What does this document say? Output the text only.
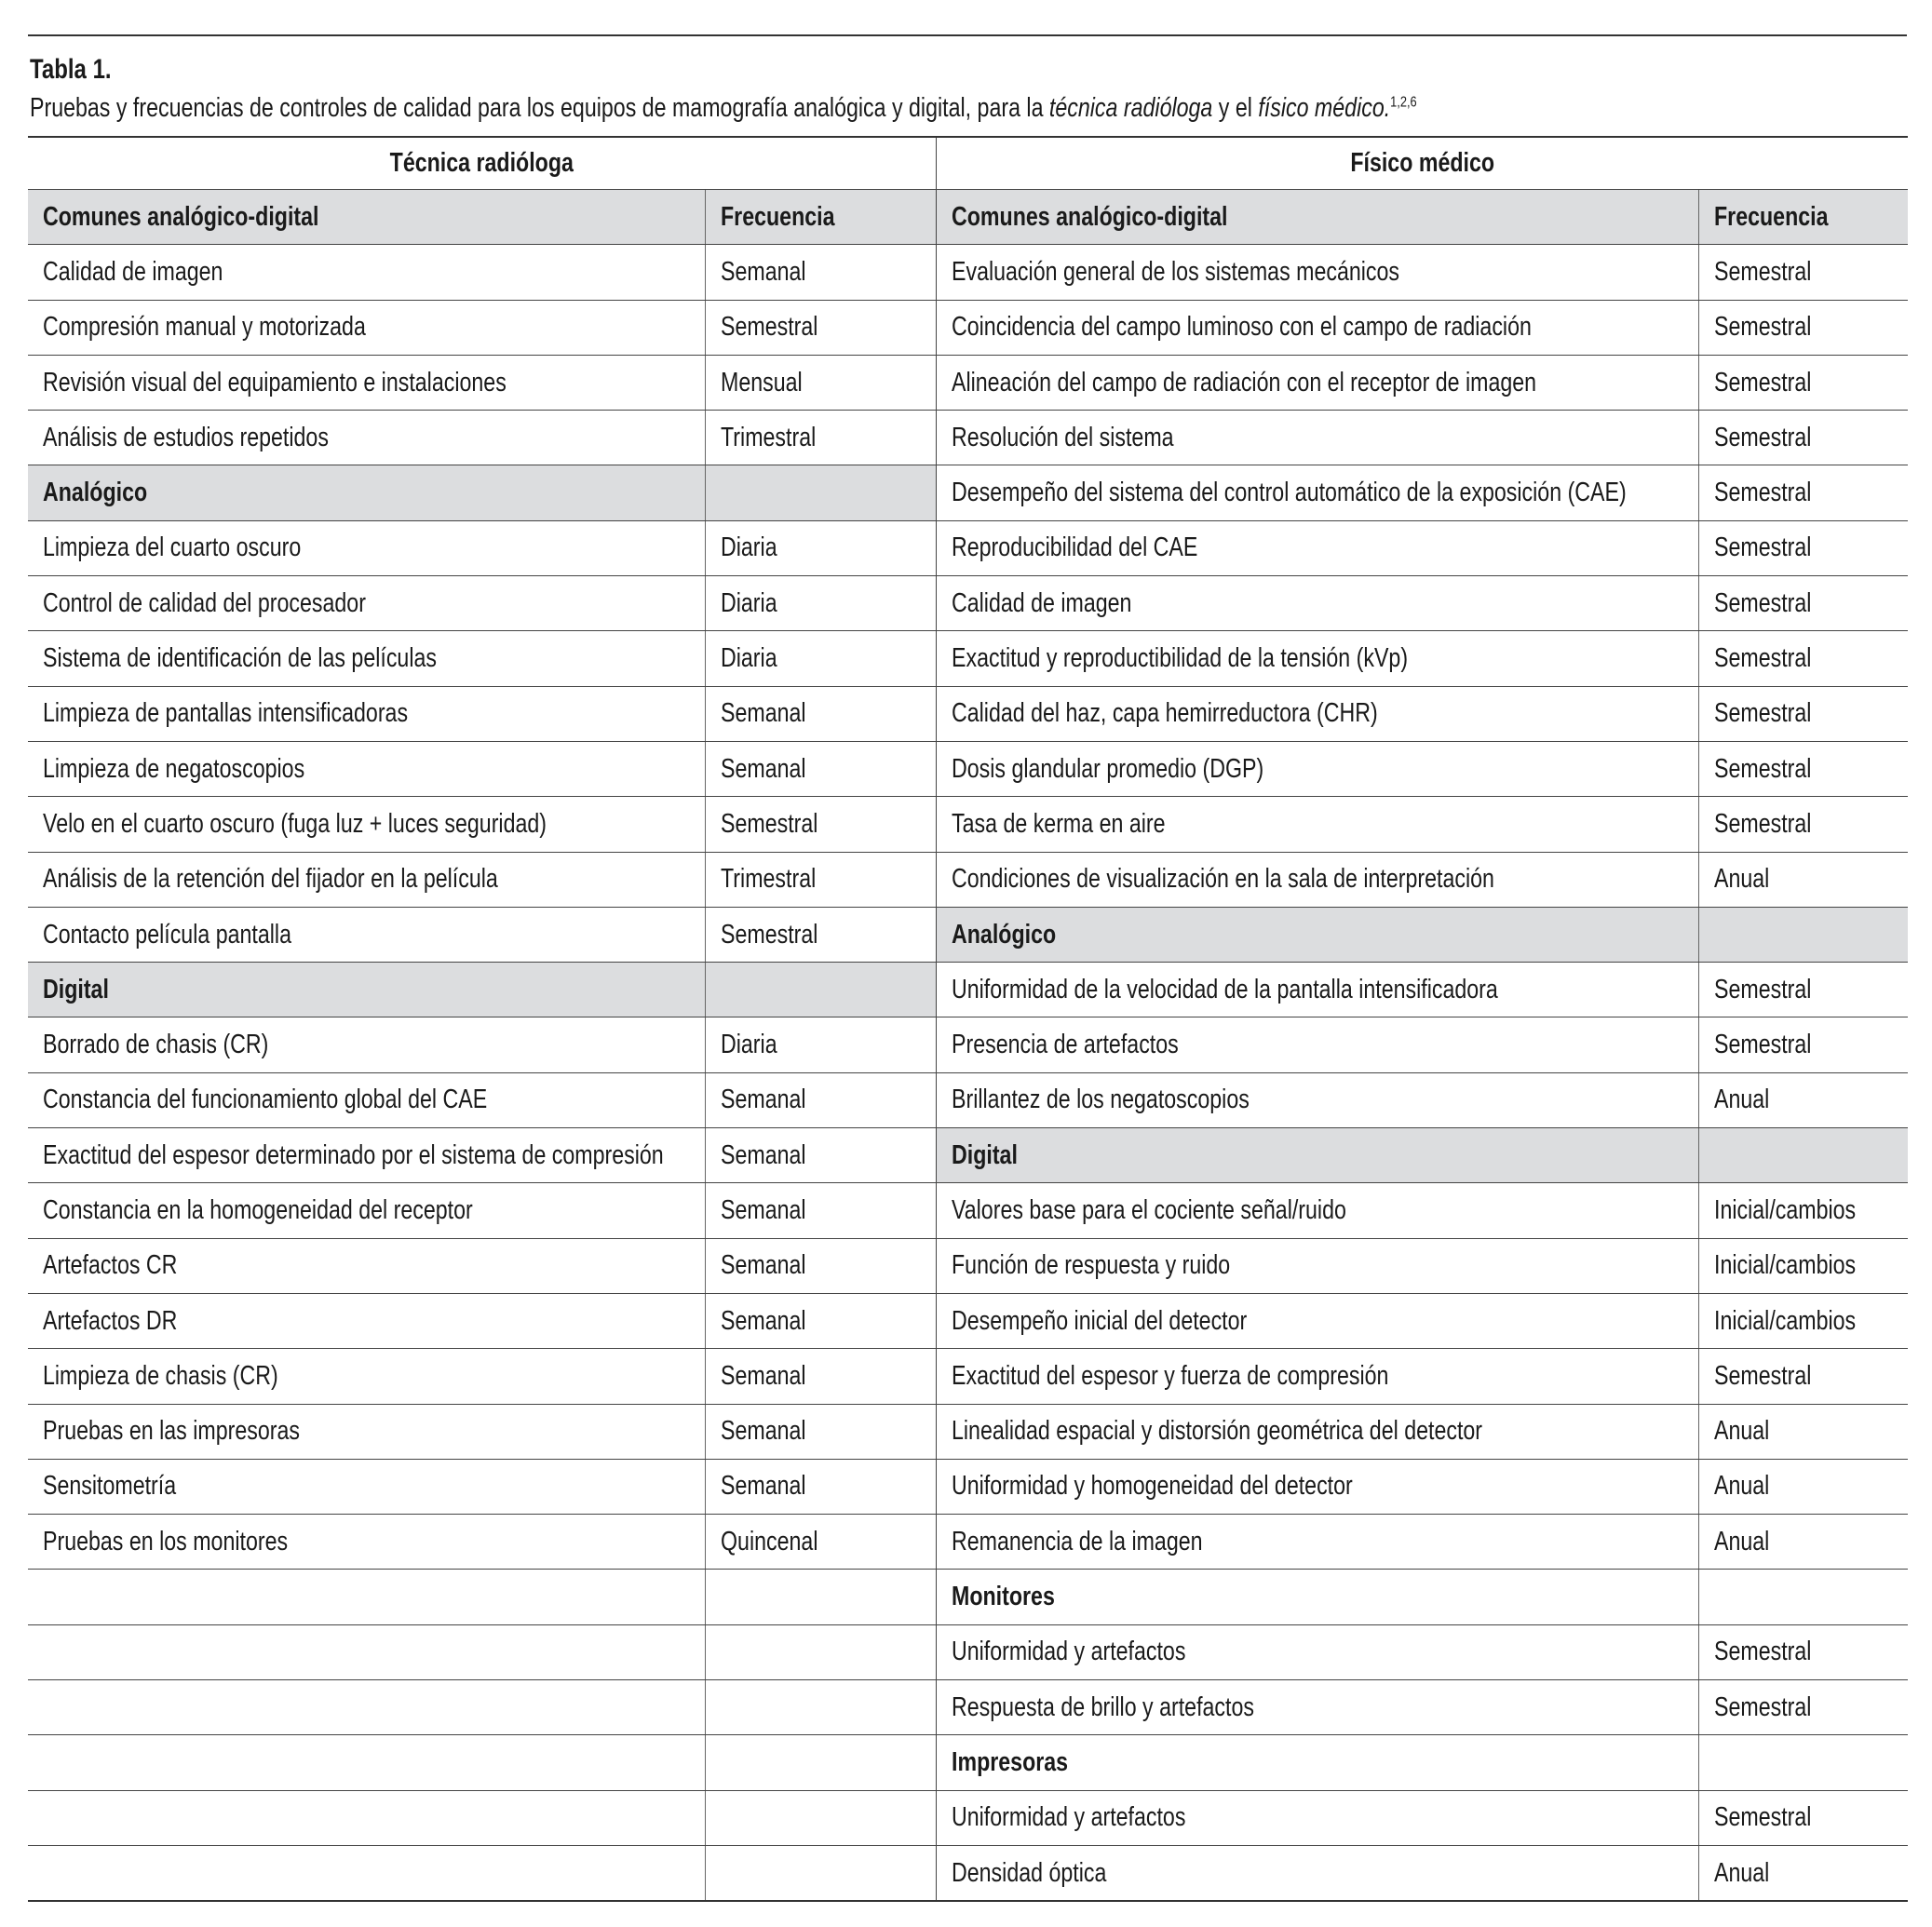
Tabla 1.
Pruebas y frecuencias de controles de calidad para los equipos de mamografía analógica y digital, para la técnica radióloga y el físico médico.$^{1,2,6}$
Técnica radióloga		Físico médico	
Comunes analógico-digital	Frecuencia	Comunes analógico-digital	Frecuencia
Calidad de imagen	Semanal	Evaluación general de los sistemas mecánicos	Semestral
Compresión manual y motorizada	Semestral	Coincidencia del campo luminoso con el campo de radiación	Semestral
Revisión visual del equipamiento e instalaciones	Mensual	Alineación del campo de radiación con el receptor de imagen	Semestral
Análisis de estudios repetidos	Trimestral	Resolución del sistema	Semestral
Analógico		Desempeño del sistema del control automático de la exposición (CAE)	Semestral
Limpieza del cuarto oscuro	Diaria	Reproducibilidad del CAE	Semestral
Control de calidad del procesador	Diaria	Calidad de imagen	Semestral
Sistema de identificación de las películas	Diaria	Exactitud y reproductibilidad de la tensión (kVp)	Semestral
Limpieza de pantallas intensificadoras	Semanal	Calidad del haz, capa hemirreductora (CHR)	Semestral
Limpieza de negatoscopios	Semanal	Dosis glandular promedio (DGP)	Semestral
Velo en el cuarto oscuro (fuga luz + luces seguridad)	Semestral	Tasa de kerma en aire	Semestral
Análisis de la retención del fijador en la película	Trimestral	Condiciones de visualización en la sala de interpretación	Anual
Contacto película pantalla	Semestral	Analógico	
Digital		Uniformidad de la velocidad de la pantalla intensificadora	Semestral
Borrado de chasis (CR)	Diaria	Presencia de artefactos	Semestral
Constancia del funcionamiento global del CAE	Semanal	Brillantez de los negatoscopios	Anual
Exactitud del espesor determinado por el sistema de compresión	Semanal	Digital	
Constancia en la homogeneidad del receptor	Semanal	Valores base para el cociente señal/ruido	Inicial/cambios
Artefactos CR	Semanal	Función de respuesta y ruido	Inicial/cambios
Artefactos DR	Semanal	Desempeño inicial del detector	Inicial/cambios
Limpieza de chasis (CR)	Semanal	Exactitud del espesor y fuerza de compresión	Semestral
Pruebas en las impresoras	Semanal	Linealidad espacial y distorsión geométrica del detector	Anual
Sensitometría	Semanal	Uniformidad y homogeneidad del detector	Anual
Pruebas en los monitores	Quincenal	Remanencia de la imagen	Anual
		Monitores	
		Uniformidad y artefactos	Semestral
		Respuesta de brillo y artefactos	Semestral
		Impresoras	
		Uniformidad y artefactos	Semestral
		Densidad óptica	Anual
